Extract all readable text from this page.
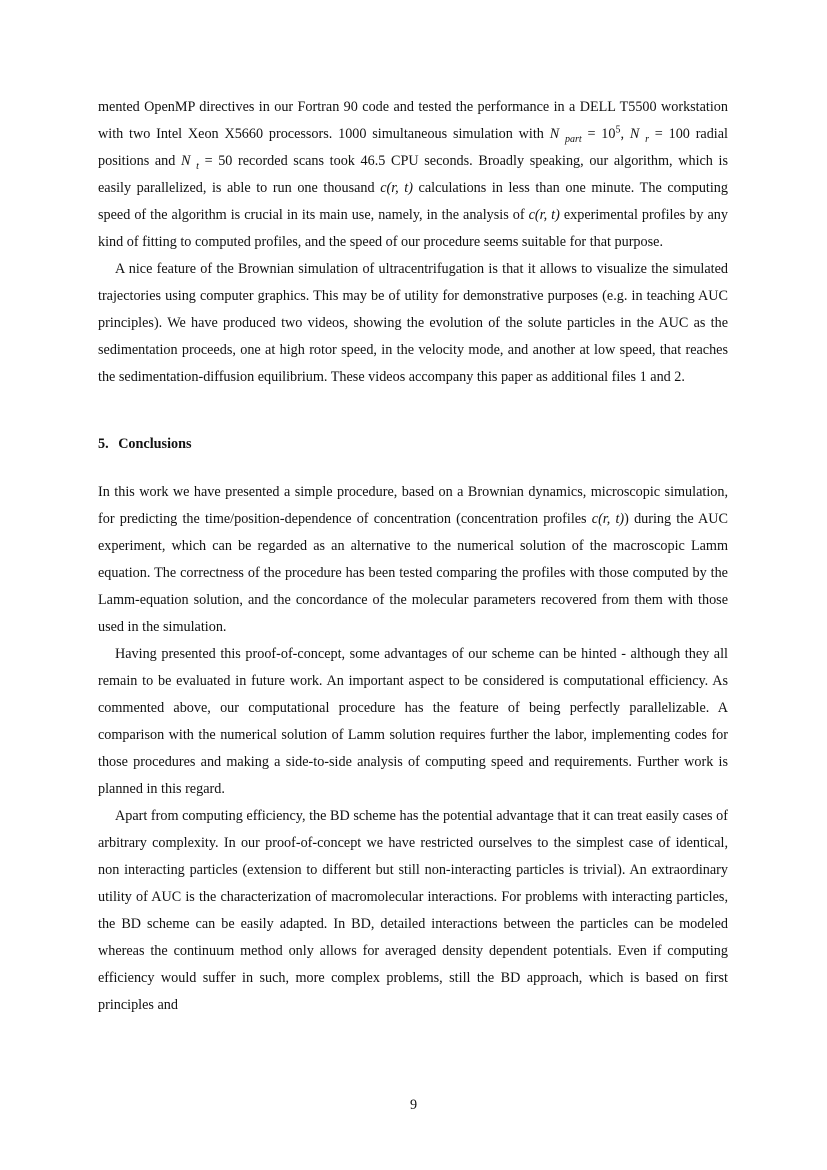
mented OpenMP directives in our Fortran 90 code and tested the performance in a DELL T5500 workstation with two Intel Xeon X5660 processors. 1000 simultaneous simulation with N $_{part} = 10^5$, N $_r$ = 100 radial positions and N $_t$ = 50 recorded scans took 46.5 CPU seconds. Broadly speaking, our algorithm, which is easily parallelized, is able to run one thousand c(r, t) calculations in less than one minute. The computing speed of the algorithm is crucial in its main use, namely, in the analysis of c(r, t) experimental profiles by any kind of fitting to computed profiles, and the speed of our procedure seems suitable for that purpose.

A nice feature of the Brownian simulation of ultracentrifugation is that it allows to visualize the simulated trajectories using computer graphics. This may be of utility for demonstrative purposes (e.g. in teaching AUC principles). We have produced two videos, showing the evolution of the solute particles in the AUC as the sedimentation proceeds, one at high rotor speed, in the velocity mode, and another at low speed, that reaches the sedimentation-diffusion equilibrium. These videos accompany this paper as additional files 1 and 2.

5. Conclusions

In this work we have presented a simple procedure, based on a Brownian dynamics, microscopic simulation, for predicting the time/position-dependence of concentration (concentration profiles c(r, t)) during the AUC experiment, which can be regarded as an alternative to the numerical solution of the macroscopic Lamm equation. The correctness of the procedure has been tested comparing the profiles with those computed by the Lamm-equation solution, and the concordance of the molecular parameters recovered from them with those used in the simulation.

Having presented this proof-of-concept, some advantages of our scheme can be hinted - although they all remain to be evaluated in future work. An important aspect to be considered is computational efficiency. As commented above, our computational procedure has the feature of being perfectly parallelizable. A comparison with the numerical solution of Lamm solution requires further the labor, implementing codes for those procedures and making a side-to-side analysis of computing speed and requirements. Further work is planned in this regard.

Apart from computing efficiency, the BD scheme has the potential advantage that it can treat easily cases of arbitrary complexity. In our proof-of-concept we have restricted ourselves to the simplest case of identical, non interacting particles (extension to different but still non-interacting particles is trivial). An extraordinary utility of AUC is the characterization of macromolecular interactions. For problems with interacting particles, the BD scheme can be easily adapted. In BD, detailed interactions between the particles can be modeled whereas the continuum method only allows for averaged density dependent potentials. Even if computing efficiency would suffer in such, more complex problems, still the BD approach, which is based on first principles and

9
